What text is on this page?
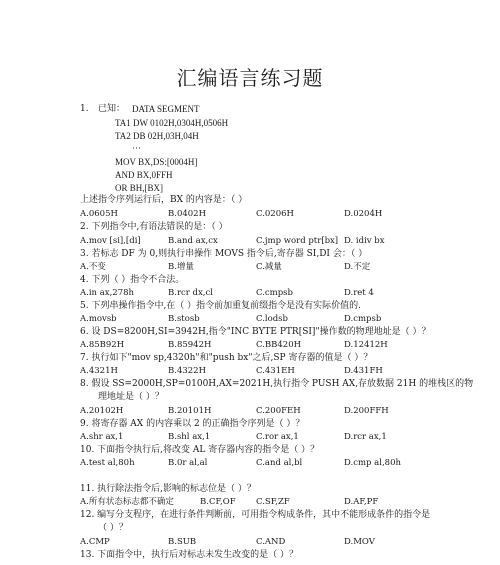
汇编语言练习题
1. 已知： DATA SEGMENT
TA1 DW 0102H,0304H,0506H
TA2 DB 02H,03H,04H
···
MOV BX,DS:[0004H]
AND BX,0FFH
OR BH,[BX]
上述指令序列运行后，BX 的内容是：（ ）
A.0605H	B.0402H	C.0206H	D.0204H
2. 下列指令中,有语法错误的是：（ ）
A.mov [si],[di]	B.and ax,cx	C.jmp word ptr[bx] D. idiv bx
3. 若标志 DF 为 0,则执行串操作 MOVS 指令后,寄存器 SI,DI 会：（ ）
A.不变	B.增量	C.减量	D.不定
4. 下列（ ）指令不合法。
A.in ax,278h	B.rcr dx,cl	C.cmpsb	D.ret 4
5. 下列串操作指令中,在（ ）指令前加重复前缀指令是没有实际价值的.
A.movsb	B.stosb	C.lodsb	D.cmpsb
6. 设 DS=8200H,SI=3942H,指令"INC BYTE PTR[SI]"操作数的物理地址是（ ）？
A.85B92H	B.85942H	C.BB420H	D.12412H
7. 执行如下"mov sp,4320h"和"push bx"之后,SP 寄存器的值是（ ）？
A.4321H	B.4322H	C.431EH	D.431FH
8. 假设 SS=2000H,SP=0100H,AX=2021H,执行指令 PUSH AX,存放数据 21H 的堆栈区的物
理地址是（ ）？
A.20102H	B.20101H	C.200FEH	D.200FFH
9. 将寄存器 AX 的内容乘以 2 的正确指令序列是（ ）？
A.shr ax,1	B.shl ax,1	C.ror ax,1	D.rcr ax,1
10. 下面指令执行后,将改变 AL 寄存器内容的指令是（ ）？
A.test al,80h	B.0r al,al	C.and al,bl	D.cmp al,80h
11. 执行除法指令后,影响的标志位是（ ）？
A.所有状态标志都不确定	B.CF,OF C.SF,ZF	D.AF,PF
12. 编写分支程序，在进行条件判断前，可用指令构成条件，其中不能形成条件的指令是
（ ）？
A.CMP	B.SUB	C.AND	D.MOV
13. 下面指令中，执行后对标志未发生改变的是（ ）？
